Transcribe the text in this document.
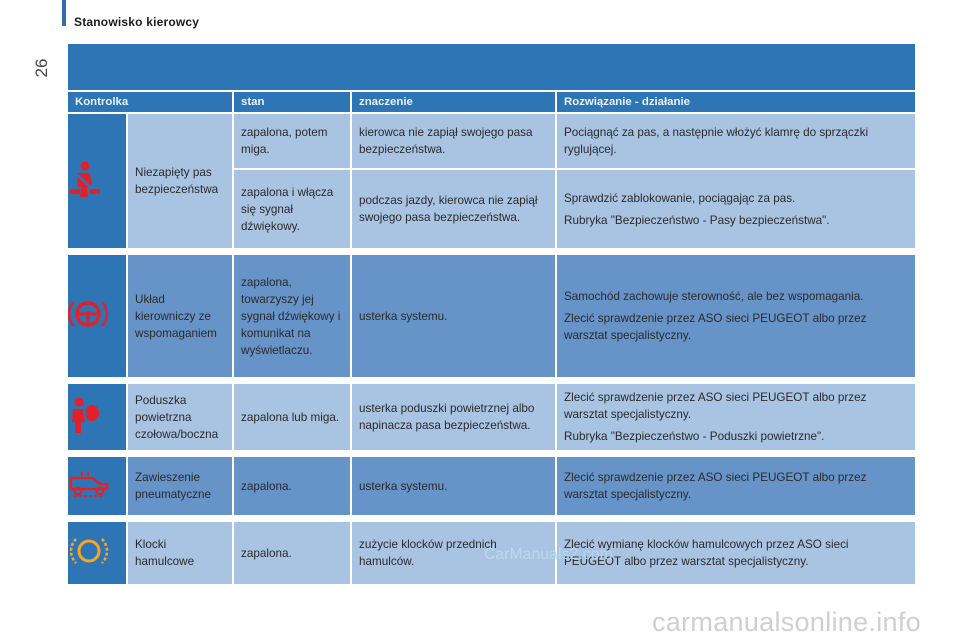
Stanowisko kierowcy
26
Kontrolka		stan	znaczenie	Rozwiązanie - działanie

	Niezapięty pas bezpieczeństwa	zapalona, potem miga.	kierowca nie zapiął swojego pasa bezpieczeństwa.	Pociągnąć za pas, a następnie włożyć klamrę do sprzączki ryglującej.

		zapalona i włącza się sygnał dźwiękowy.	podczas jazdy, kierowca nie zapiął swojego pasa bezpieczeństwa.	Sprawdzić zablokowanie, pociągając za pas.

Rubryka "Bezpieczeństwo - Pasy bezpieczeństwa".

	Układ kierowniczy ze wspomaganiem	zapalona, towarzyszy jej sygnał dźwiękowy i komunikat na wyświetlaczu.	usterka systemu.	Samochód zachowuje sterowność, ale bez wspomagania.

Zlecić sprawdzenie przez ASO sieci PEUGEOT albo przez warsztat specjalistyczny.

	Poduszka powietrzna czołowa/boczna	zapalona lub miga.	usterka poduszki powietrznej albo napinacza pasa bezpieczeństwa.	Zlecić sprawdzenie przez ASO sieci PEUGEOT albo przez warsztat specjalistyczny.

Rubryka "Bezpieczeństwo - Poduszki powietrzne".

	Zawieszenie pneumatyczne	zapalona.	usterka systemu.	Zlecić sprawdzenie przez ASO sieci PEUGEOT albo przez warsztat specjalistyczny.

	Klocki hamulcowe	zapalona.	zużycie klocków przednich hamulców.	Zlecić wymianę klocków hamulcowych przez ASO sieci PEUGEOT albo przez warsztat specjalistyczny.

CarManuals2.com
carmanualsonline.info
